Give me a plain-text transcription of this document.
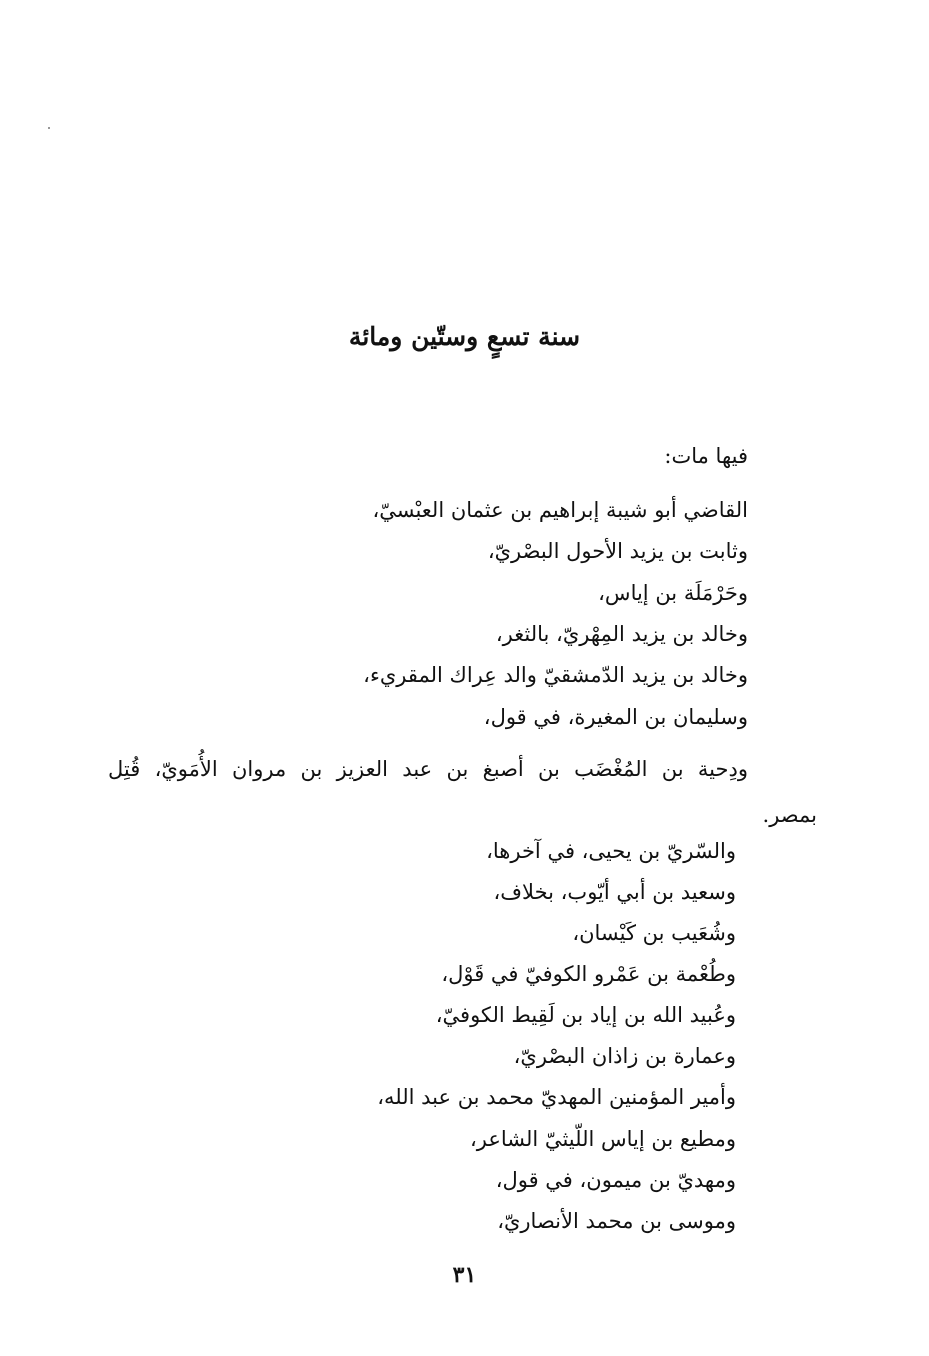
سنة تسعٍ وستّين ومائة
فيها مات:
القاضي أبو شيبة إبراهيم بن عثمان العبْسيّ،
وثابت بن يزيد الأحول البصْريّ،
وحَرْمَلَة بن إياس،
وخالد بن يزيد المِهْريّ، بالثغر،
وخالد بن يزيد الدّمشقيّ والد عِراك المقريء،
وسليمان بن المغيرة، في قول،
ودِحية بن المُغْضَب بن أصبغ بن عبد العزيز بن مروان الأُمَويّ، قُتِل
بمصر.
والسّريّ بن يحيى، في آخرها،
وسعيد بن أبي أيّوب، بخلاف،
وشُعَيب بن كَيْسان،
وطُعْمة بن عَمْرو الكوفيّ في قَوْل،
وعُبيد الله بن إياد بن لَقِيط الكوفيّ،
وعمارة بن زاذان البصْريّ،
وأمير المؤمنين المهديّ محمد بن عبد الله،
ومطيع بن إياس اللّيثيّ الشاعر،
ومهديّ بن ميمون، في قول،
وموسى بن محمد الأنصاريّ،
٣١
